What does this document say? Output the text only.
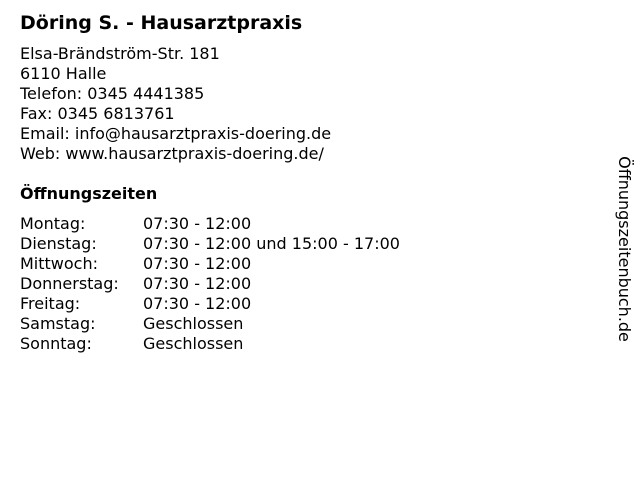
Döring S. - Hausarztpraxis
Elsa-Brändström-Str. 181
6110 Halle
Telefon: 0345 4441385
Fax: 0345 6813761
Email: info@hausarztpraxis-doering.de
Web: www.hausarztpraxis-doering.de/
Öffnungszeiten
Montag:	07:30 - 12:00
Dienstag:	07:30 - 12:00 und 15:00 - 17:00
Mittwoch:	07:30 - 12:00
Donnerstag: 07:30 - 12:00
Freitag:	07:30 - 12:00
Samstag:	Geschlossen
Sonntag:	Geschlossen
Öffnungszeitenbuch.de
